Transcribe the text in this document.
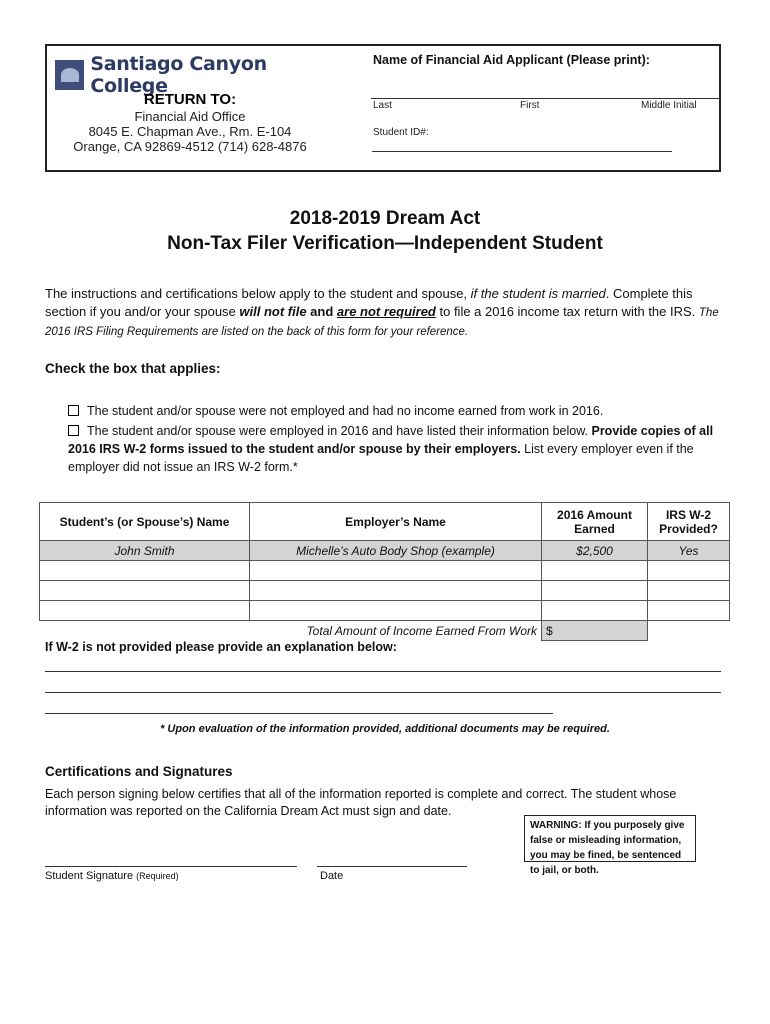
Santiago Canyon College
RETURN TO:
Financial Aid Office
8045 E. Chapman Ave., Rm. E-104
Orange, CA 92869-4512 (714) 628-4876
Name of Financial Aid Applicant (Please print):
Last	First	Middle Initial
Student ID#:
2018-2019 Dream Act
Non-Tax Filer Verification—Independent Student

The instructions and certifications below apply to the student and spouse, if the student is married. Complete this section if you and/or your spouse will not file and are not required to file a 2016 income tax return with the IRS. The 2016 IRS Filing Requirements are listed on the back of this form for your reference.

Check the box that applies:
The student and/or spouse were not employed and had no income earned from work in 2016.
The student and/or spouse were employed in 2016 and have listed their information below. Provide copies of all 2016 IRS W-2 forms issued to the student and/or spouse by their employers. List every employer even if the employer did not issue an IRS W-2 form.*
Student’s (or Spouse’s) Name	Employer’s Name	2016 Amount Earned	IRS W-2 Provided?
John Smith	Michelle’s Auto Body Shop (example)	$2,500	Yes

Total Amount of Income Earned From Work		$	
If W-2 is not provided please provide an explanation below:
* Upon evaluation of the information provided, additional documents may be required.
Certifications and Signatures

Each person signing below certifies that all of the information reported is complete and correct. The student whose information was reported on the California Dream Act must sign and date.

WARNING: If you purposely give false or misleading information, you may be fined, be sentenced to jail, or both.
Student Signature (Required)	Date
